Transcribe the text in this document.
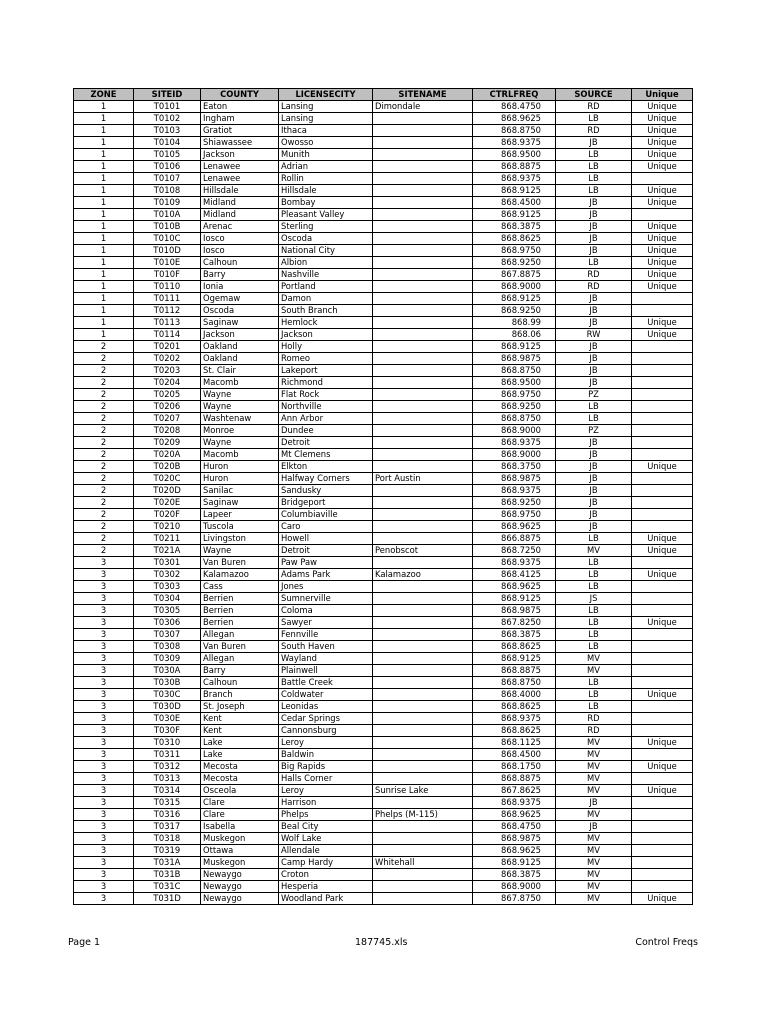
ZONE	SITEID	COUNTY	LICENSECITY	SITENAME	CTRLFREQ	SOURCE	Unique
1	T0101	Eaton	Lansing	Dimondale	868.4750	RD	Unique
1	T0102	Ingham	Lansing		868.9625	LB	Unique
1	T0103	Gratiot	Ithaca		868.8750	RD	Unique
1	T0104	Shiawassee	Owosso		868.9375	JB	Unique
1	T0105	Jackson	Munith		868.9500	LB	Unique
1	T0106	Lenawee	Adrian		868.8875	LB	Unique
1	T0107	Lenawee	Rollin		868.9375	LB	
1	T0108	Hillsdale	Hillsdale		868.9125	LB	Unique
1	T0109	Midland	Bombay		868.4500	JB	Unique
1	T010A	Midland	Pleasant Valley		868.9125	JB	
1	T010B	Arenac	Sterling		868.3875	JB	Unique
1	T010C	Iosco	Oscoda		868.8625	JB	Unique
1	T010D	Iosco	National City		868.9750	JB	Unique
1	T010E	Calhoun	Albion		868.9250	LB	Unique
1	T010F	Barry	Nashville		867.8875	RD	Unique
1	T0110	Ionia	Portland		868.9000	RD	Unique
1	T0111	Ogemaw	Damon		868.9125	JB	
1	T0112	Oscoda	South Branch		868.9250	JB	
1	T0113	Saginaw	Hemlock		868.99	JB	Unique
1	T0114	Jackson	Jackson		868.06	RW	Unique
2	T0201	Oakland	Holly		868.9125	JB	
2	T0202	Oakland	Romeo		868.9875	JB	
2	T0203	St. Clair	Lakeport		868.8750	JB	
2	T0204	Macomb	Richmond		868.9500	JB	
2	T0205	Wayne	Flat Rock		868.9750	PZ	
2	T0206	Wayne	Northville		868.9250	LB	
2	T0207	Washtenaw	Ann Arbor		868.8750	LB	
2	T0208	Monroe	Dundee		868.9000	PZ	
2	T0209	Wayne	Detroit		868.9375	JB	
2	T020A	Macomb	Mt Clemens		868.9000	JB	
2	T020B	Huron	Elkton		868.3750	JB	Unique
2	T020C	Huron	Halfway Corners	Port Austin	868.9875	JB	
2	T020D	Sanilac	Sandusky		868.9375	JB	
2	T020E	Saginaw	Bridgeport		868.9250	JB	
2	T020F	Lapeer	Columbiaville		868.9750	JB	
2	T0210	Tuscola	Caro		868.9625	JB	
2	T0211	Livingston	Howell		866.8875	LB	Unique
2	T021A	Wayne	Detroit	Penobscot	868.7250	MV	Unique
3	T0301	Van Buren	Paw Paw		868.9375	LB	
3	T0302	Kalamazoo	Adams Park	Kalamazoo	868.4125	LB	Unique
3	T0303	Cass	Jones		868.9625	LB	
3	T0304	Berrien	Sumnerville		868.9125	JS	
3	T0305	Berrien	Coloma		868.9875	LB	
3	T0306	Berrien	Sawyer		867.8250	LB	Unique
3	T0307	Allegan	Fennville		868.3875	LB	
3	T0308	Van Buren	South Haven		868.8625	LB	
3	T0309	Allegan	Wayland		868.9125	MV	
3	T030A	Barry	Plainwell		868.8875	MV	
3	T030B	Calhoun	Battle Creek		868.8750	LB	
3	T030C	Branch	Coldwater		868.4000	LB	Unique
3	T030D	St. Joseph	Leonidas		868.8625	LB	
3	T030E	Kent	Cedar Springs		868.9375	RD	
3	T030F	Kent	Cannonsburg		868.8625	RD	
3	T0310	Lake	Leroy		868.1125	MV	Unique
3	T0311	Lake	Baldwin		868.4500	MV	
3	T0312	Mecosta	Big Rapids		868.1750	MV	Unique
3	T0313	Mecosta	Halls Corner		868.8875	MV	
3	T0314	Osceola	Leroy	Sunrise Lake	867.8625	MV	Unique
3	T0315	Clare	Harrison		868.9375	JB	
3	T0316	Clare	Phelps	Phelps (M-115)	868.9625	MV	
3	T0317	Isabella	Beal City		868.4750	JB	
3	T0318	Muskegon	Wolf Lake		868.9875	MV	
3	T0319	Ottawa	Allendale		868.9625	MV	
3	T031A	Muskegon	Camp Hardy	Whitehall	868.9125	MV	
3	T031B	Newaygo	Croton		868.3875	MV	
3	T031C	Newaygo	Hesperia		868.9000	MV	
3	T031D	Newaygo	Woodland Park		867.8750	MV	Unique
Page 1	187745.xls	Control Freqs
